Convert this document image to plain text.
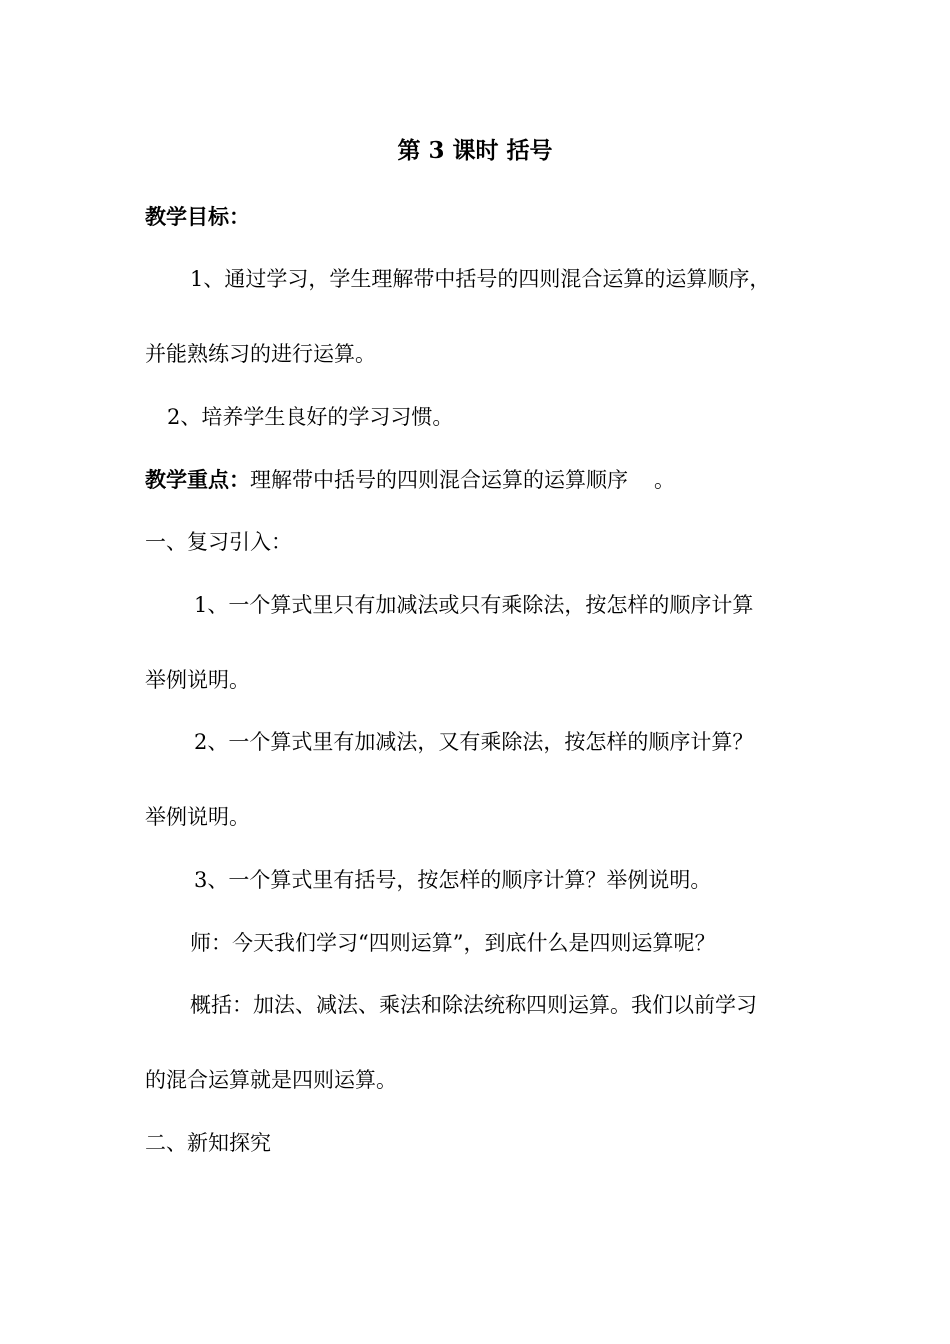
第 3 课时 括号
教学目标：
1、通过学习，学生理解带中括号的四则混合运算的运算顺序，
并能熟练习的进行运算。
2、培养学生良好的学习习惯。
教学重点：理解带中括号的四则混合运算的运算顺序 。
一、复习引入：
1、一个算式里只有加减法或只有乘除法，按怎样的顺序计算
举例说明。
2、一个算式里有加减法，又有乘除法，按怎样的顺序计算？
举例说明。
3、一个算式里有括号，按怎样的顺序计算？举例说明。
师：今天我们学习“四则运算”，到底什么是四则运算呢？
概括：加法、减法、乘法和除法统称四则运算。我们以前学习
的混合运算就是四则运算。
二、新知探究
